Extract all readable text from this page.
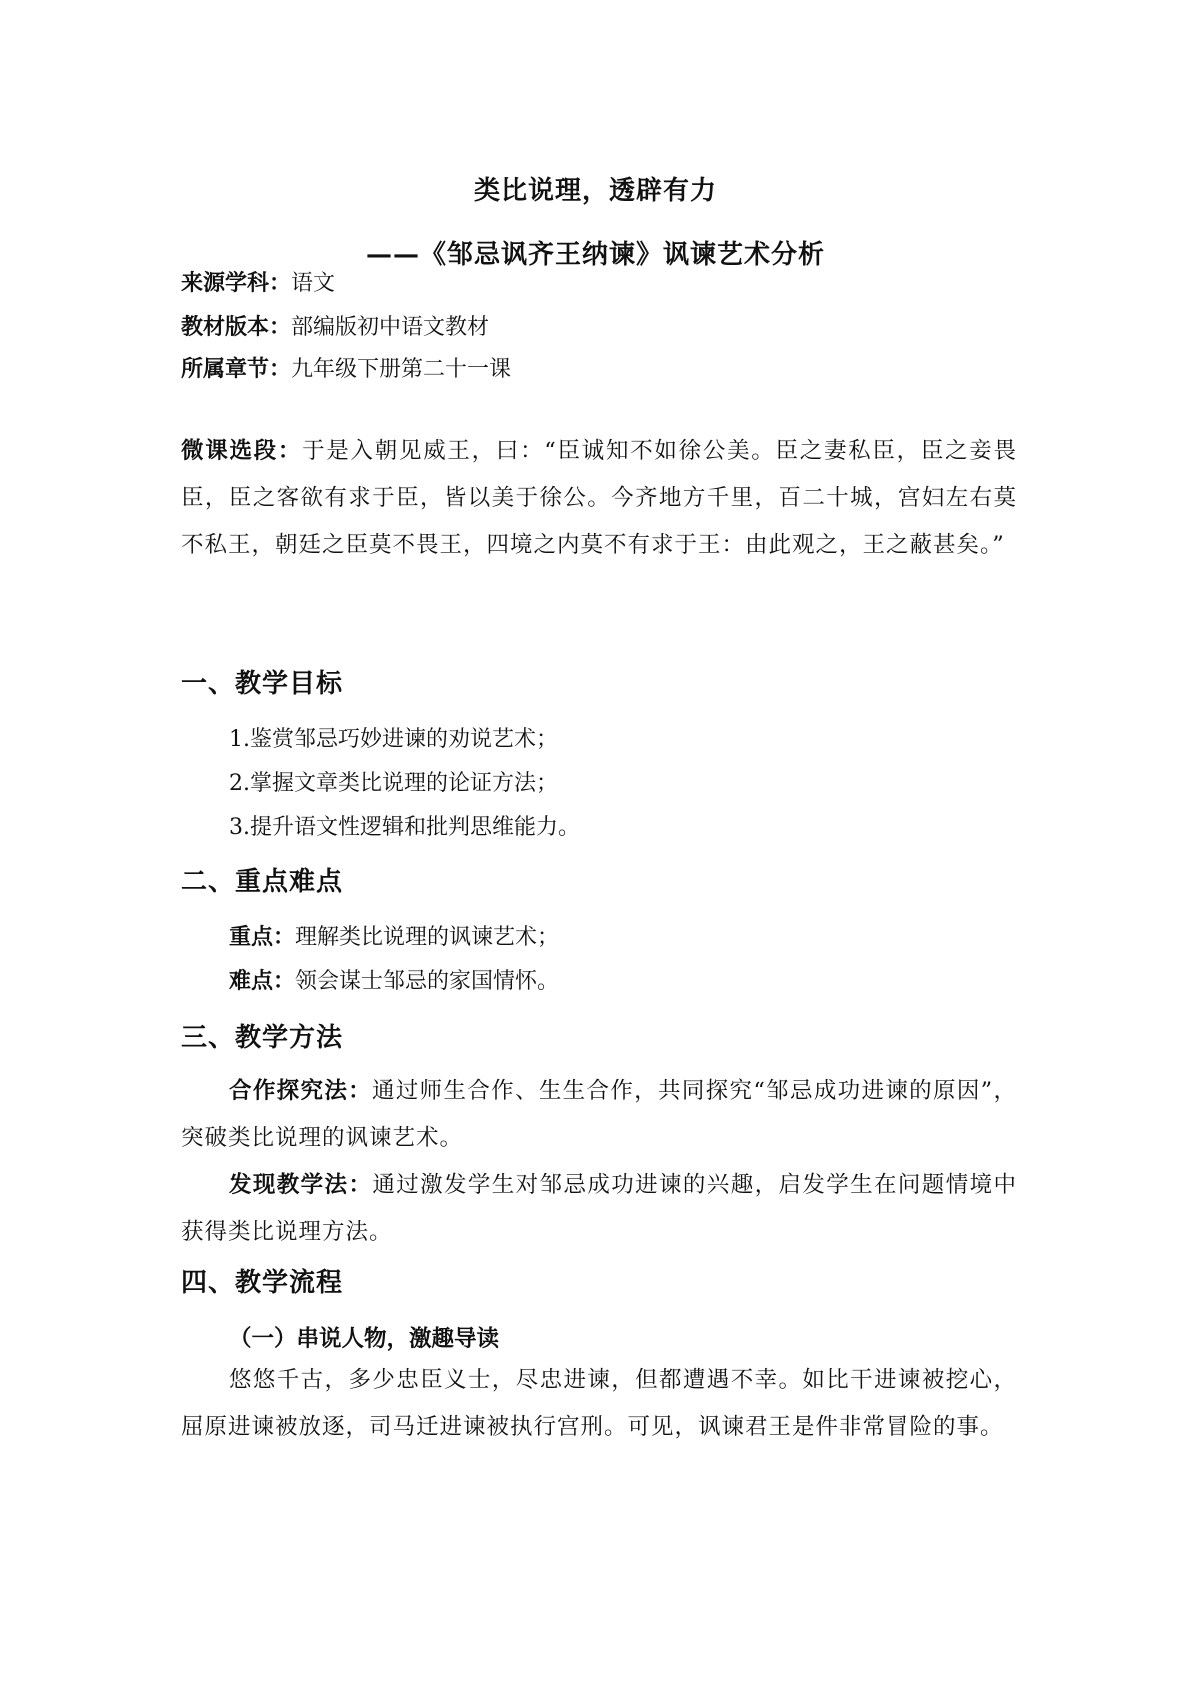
类比说理，透辟有力
——《邹忌讽齐王纳谏》讽谏艺术分析
来源学科：语文
教材版本：部编版初中语文教材
所属章节：九年级下册第二十一课
微课选段：于是入朝见威王，曰：“臣诚知不如徐公美。臣之妻私臣，臣之妾畏臣，臣之客欲有求于臣，皆以美于徐公。今齐地方千里，百二十城，宫妇左右莫不私王，朝廷之臣莫不畏王，四境之内莫不有求于王：由此观之，王之蔽甚矣。”
一、教学目标
1.鉴赏邹忌巧妙进谏的劝说艺术；
2.掌握文章类比说理的论证方法；
3.提升语文性逻辑和批判思维能力。
二、重点难点
重点：理解类比说理的讽谏艺术；
难点：领会谋士邹忌的家国情怀。
三、教学方法
合作探究法：通过师生合作、生生合作，共同探究“邹忌成功进谏的原因”，突破类比说理的讽谏艺术。
发现教学法：通过激发学生对邹忌成功进谏的兴趣，启发学生在问题情境中获得类比说理方法。
四、教学流程
（一）串说人物，激趣导读
悠悠千古，多少忠臣义士，尽忠进谏，但都遭遇不幸。如比干进谏被挖心，屈原进谏被放逐，司马迁进谏被执行宫刑。可见，讽谏君王是件非常冒险的事。
